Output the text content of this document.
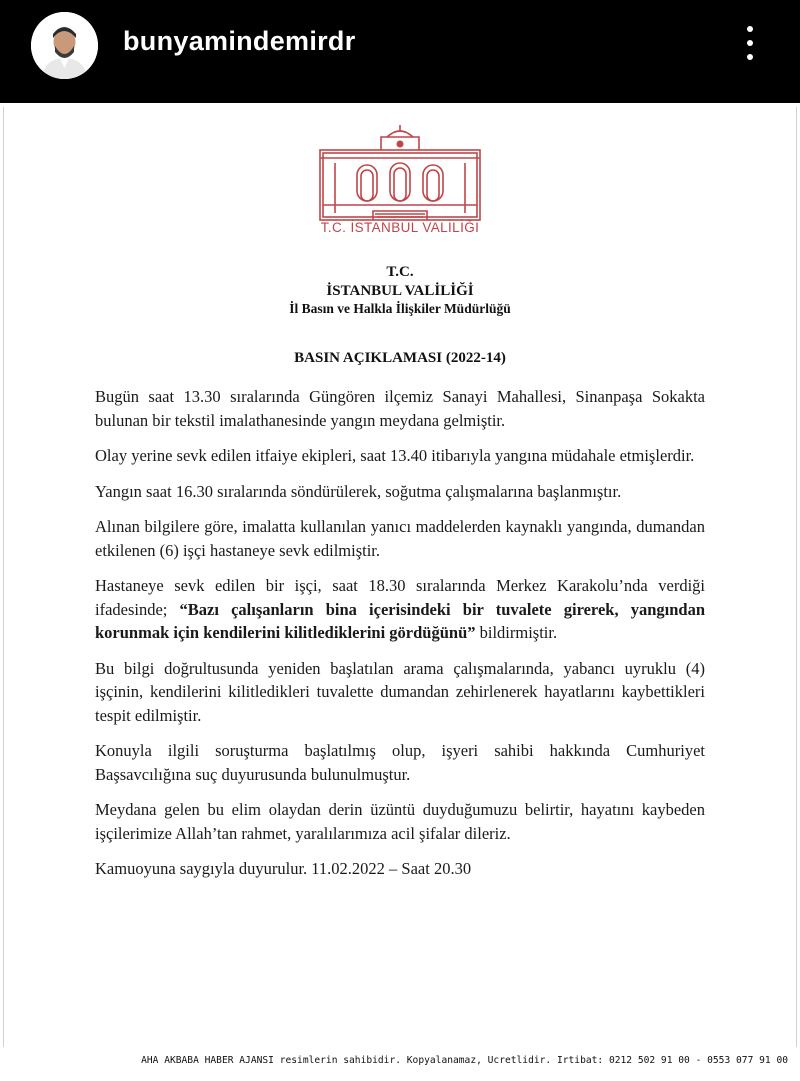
bunyamindemirdr
T.C. İSTANBUL VALİLİĞİ
T.C.
İSTANBUL VALİLİĞİ
İl Basın ve Halkla İlişkiler Müdürlüğü
BASIN AÇIKLAMASI (2022-14)

Bugün saat 13.30 sıralarında Güngören ilçemiz Sanayi Mahallesi, Sinanpaşa Sokakta bulunan bir tekstil imalathanesinde yangın meydana gelmiştir.

Olay yerine sevk edilen itfaiye ekipleri, saat 13.40 itibarıyla yangına müdahale etmişlerdir.

Yangın saat 16.30 sıralarında söndürülerek, soğutma çalışmalarına başlanmıştır.

Alınan bilgilere göre, imalatta kullanılan yanıcı maddelerden kaynaklı yangında, dumandan etkilenen (6) işçi hastaneye sevk edilmiştir.

Hastaneye sevk edilen bir işçi, saat 18.30 sıralarında Merkez Karakolu’nda verdiği ifadesinde; “Bazı çalışanların bina içerisindeki bir tuvalete girerek, yangından korunmak için kendilerini kilitlediklerini gördüğünü” bildirmiştir.

Bu bilgi doğrultusunda yeniden başlatılan arama çalışmalarında, yabancı uyruklu (4) işçinin, kendilerini kilitledikleri tuvalette dumandan zehirlenerek hayatlarını kaybettikleri tespit edilmiştir.

Konuyla ilgili soruşturma başlatılmış olup, işyeri sahibi hakkında Cumhuriyet Başsavcılığına suç duyurusunda bulunulmuştur.

Meydana gelen bu elim olaydan derin üzüntü duyduğumuzu belirtir, hayatını kaybeden işçilerimize Allah’tan rahmet, yaralılarımıza acil şifalar dileriz.

Kamuoyuna saygıyla duyurulur. 11.02.2022 – Saat 20.30

AHA AKBABA HABER AJANSI resimlerin sahibidir. Kopyalanamaz, Ucretlidir. Irtibat: 0212 502 91 00 - 0553 077 91 00
